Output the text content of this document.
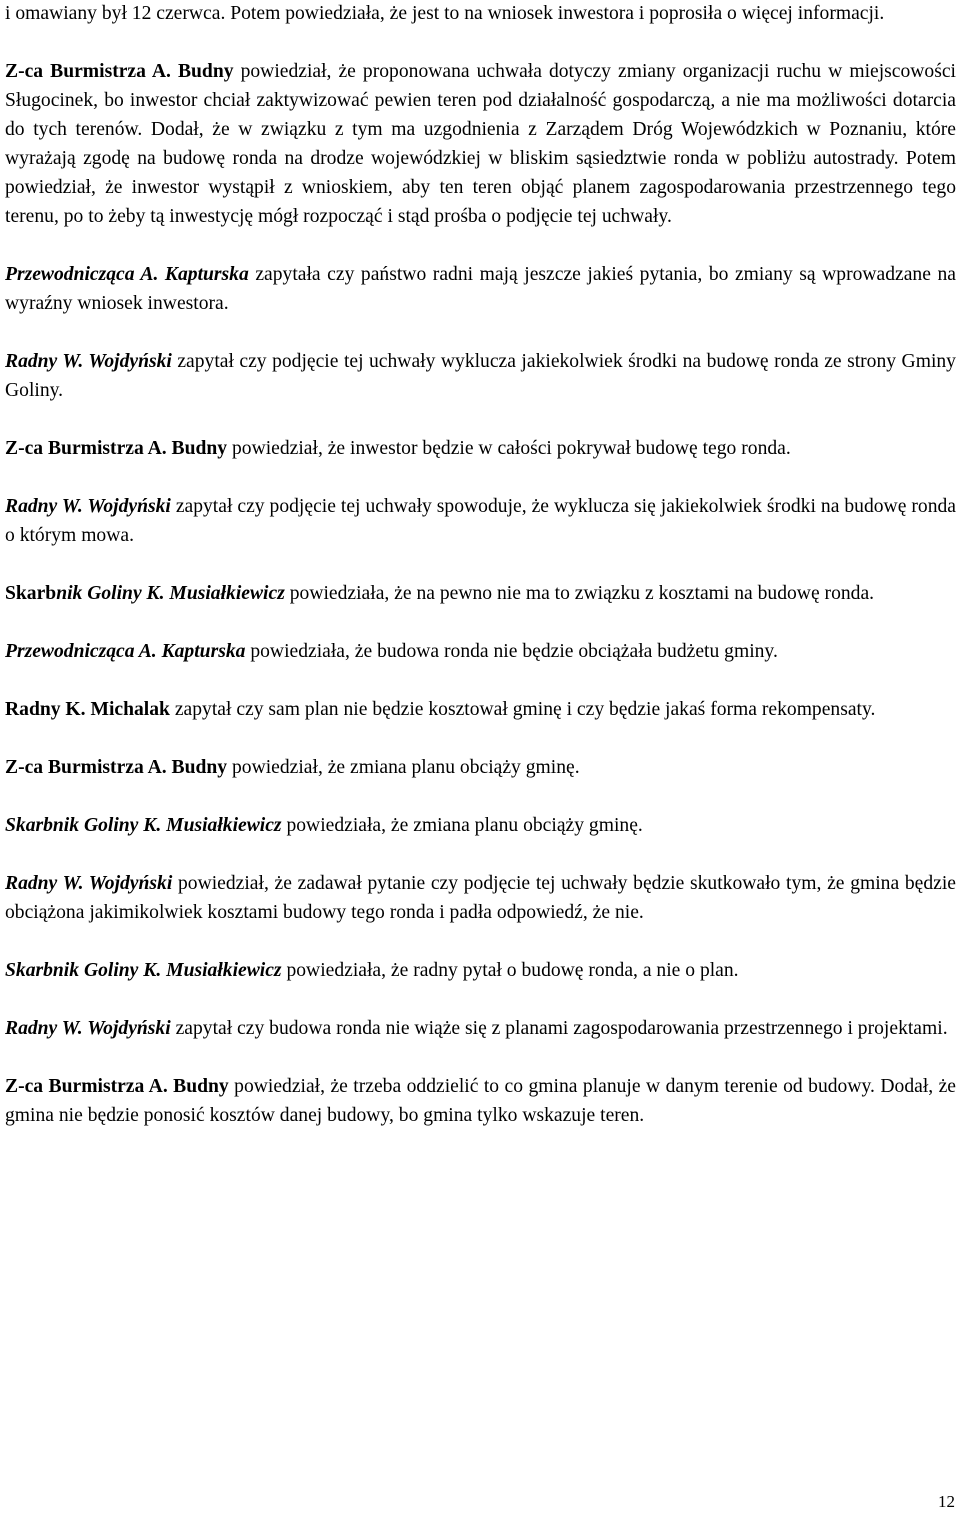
i omawiany był 12 czerwca. Potem powiedziała, że jest to na wniosek inwestora i poprosiła o więcej informacji.

Z-ca Burmistrza A. Budny powiedział, że proponowana uchwała dotyczy zmiany organizacji ruchu w miejscowości Sługocinek, bo inwestor chciał zaktywizować pewien teren pod działalność gospodarczą, a nie ma możliwości dotarcia do tych terenów. Dodał, że w związku z tym ma uzgodnienia z Zarządem Dróg Wojewódzkich w Poznaniu, które wyrażają zgodę na budowę ronda na drodze wojewódzkiej w bliskim sąsiedztwie ronda w pobliżu autostrady. Potem powiedział, że inwestor wystąpił z wnioskiem, aby ten teren objąć planem zagospodarowania przestrzennego tego terenu, po to żeby tą inwestycję mógł rozpocząć i stąd prośba o podjęcie tej uchwały.

Przewodnicząca A. Kapturska zapytała czy państwo radni mają jeszcze jakieś pytania, bo zmiany są wprowadzane na wyraźny wniosek inwestora.

Radny W. Wojdyński zapytał czy podjęcie tej uchwały wyklucza jakiekolwiek środki na budowę ronda ze strony Gminy Goliny.

Z-ca Burmistrza A. Budny powiedział, że inwestor będzie w całości pokrywał budowę tego ronda.

Radny W. Wojdyński zapytał czy podjęcie tej uchwały spowoduje, że wyklucza się jakiekolwiek środki na budowę ronda o którym mowa.

Skarbnik Goliny K. Musiałkiewicz powiedziała, że na pewno nie ma to związku z kosztami na budowę ronda.

Przewodnicząca A. Kapturska powiedziała, że budowa ronda nie będzie obciążała budżetu gminy.

Radny K. Michalak zapytał czy sam plan nie będzie kosztował gminę i czy będzie jakaś forma rekompensaty.

Z-ca Burmistrza A. Budny powiedział, że zmiana planu obciąży gminę.

Skarbnik Goliny K. Musiałkiewicz powiedziała, że zmiana planu obciąży gminę.

Radny W. Wojdyński powiedział, że zadawał pytanie czy podjęcie tej uchwały będzie skutkowało tym, że gmina będzie obciążona jakimikolwiek kosztami budowy tego ronda i padła odpowiedź, że nie.

Skarbnik Goliny K. Musiałkiewicz powiedziała, że radny pytał o budowę ronda, a nie o plan.

Radny W. Wojdyński zapytał czy budowa ronda nie wiąże się z planami zagospodarowania przestrzennego i projektami.

Z-ca Burmistrza A. Budny powiedział, że trzeba oddzielić to co gmina planuje w danym terenie od budowy. Dodał, że gmina nie będzie ponosić kosztów danej budowy, bo gmina tylko wskazuje teren.

12
